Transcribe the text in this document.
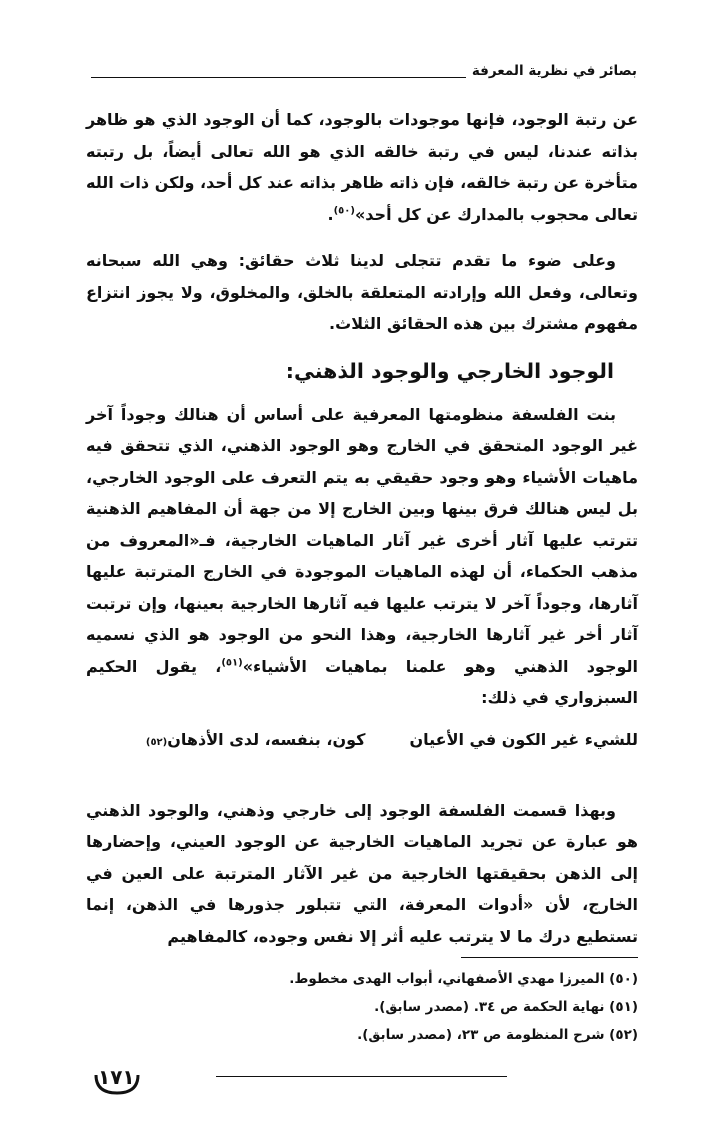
بصائر في نظرية المعرفة

عن رتبة الوجود، فإنها موجودات بالوجود، كما أن الوجود الذي هو ظاهر بذاته عندنا، ليس في رتبة خالقه الذي هو الله تعالى أيضاً، بل رتبته متأخرة عن رتبة خالقه، فإن ذاته ظاهر بذاته عند كل أحد، ولكن ذات الله تعالى محجوب بالمدارك عن كل أحد»$^{(٥٠)}$.

وعلى ضوء ما تقدم تتجلى لدينا ثلاث حقائق: وهي الله سبحانه وتعالى، وفعل الله وإرادته المتعلقة بالخلق، والمخلوق، ولا يجوز انتزاع مفهوم مشترك بين هذه الحقائق الثلاث.

الوجود الخارجي والوجود الذهني:

بنت الفلسفة منظومتها المعرفية على أساس أن هنالك وجوداً آخر غير الوجود المتحقق في الخارج وهو الوجود الذهني، الذي تتحقق فيه ماهيات الأشياء وهو وجود حقيقي به يتم التعرف على الوجود الخارجي، بل ليس هنالك فرق بينها وبين الخارج إلا من جهة أن المفاهيم الذهنية تترتب عليها آثار أخرى غير آثار الماهيات الخارجية، فـ«المعروف من مذهب الحكماء، أن لهذه الماهيات الموجودة في الخارج المترتبة عليها آثارها، وجوداً آخر لا يترتب عليها فيه آثارها الخارجية بعينها، وإن ترتبت آثار أخر غير آثارها الخارجية، وهذا النحو من الوجود هو الذي نسميه الوجود الذهني وهو علمنا بماهيات الأشياء»$^{(٥١)}$، يقول الحكيم السبزواري في ذلك:

للشيء غير الكون في الأعيان
كون، بنفسه، لدى الأذهان
(٥٢)

وبهذا قسمت الفلسفة الوجود إلى خارجي وذهني، والوجود الذهني هو عبارة عن تجريد الماهيات الخارجية عن الوجود العيني، وإحضارها إلى الذهن بحقيقتها الخارجية من غير الآثار المترتبة على العين في الخارج، لأن «أدوات المعرفة، التي تتبلور جذورها في الذهن، إنما تستطيع درك ما لا يترتب عليه أثر إلا نفس وجوده، كالمفاهيم

(٥٠) الميرزا مهدي الأصفهاني، أبواب الهدى مخطوط.

(٥١) نهاية الحكمة ص ٣٤. (مصدر سابق).

(٥٢) شرح المنظومة ص ٢٣، (مصدر سابق).

١٧١
